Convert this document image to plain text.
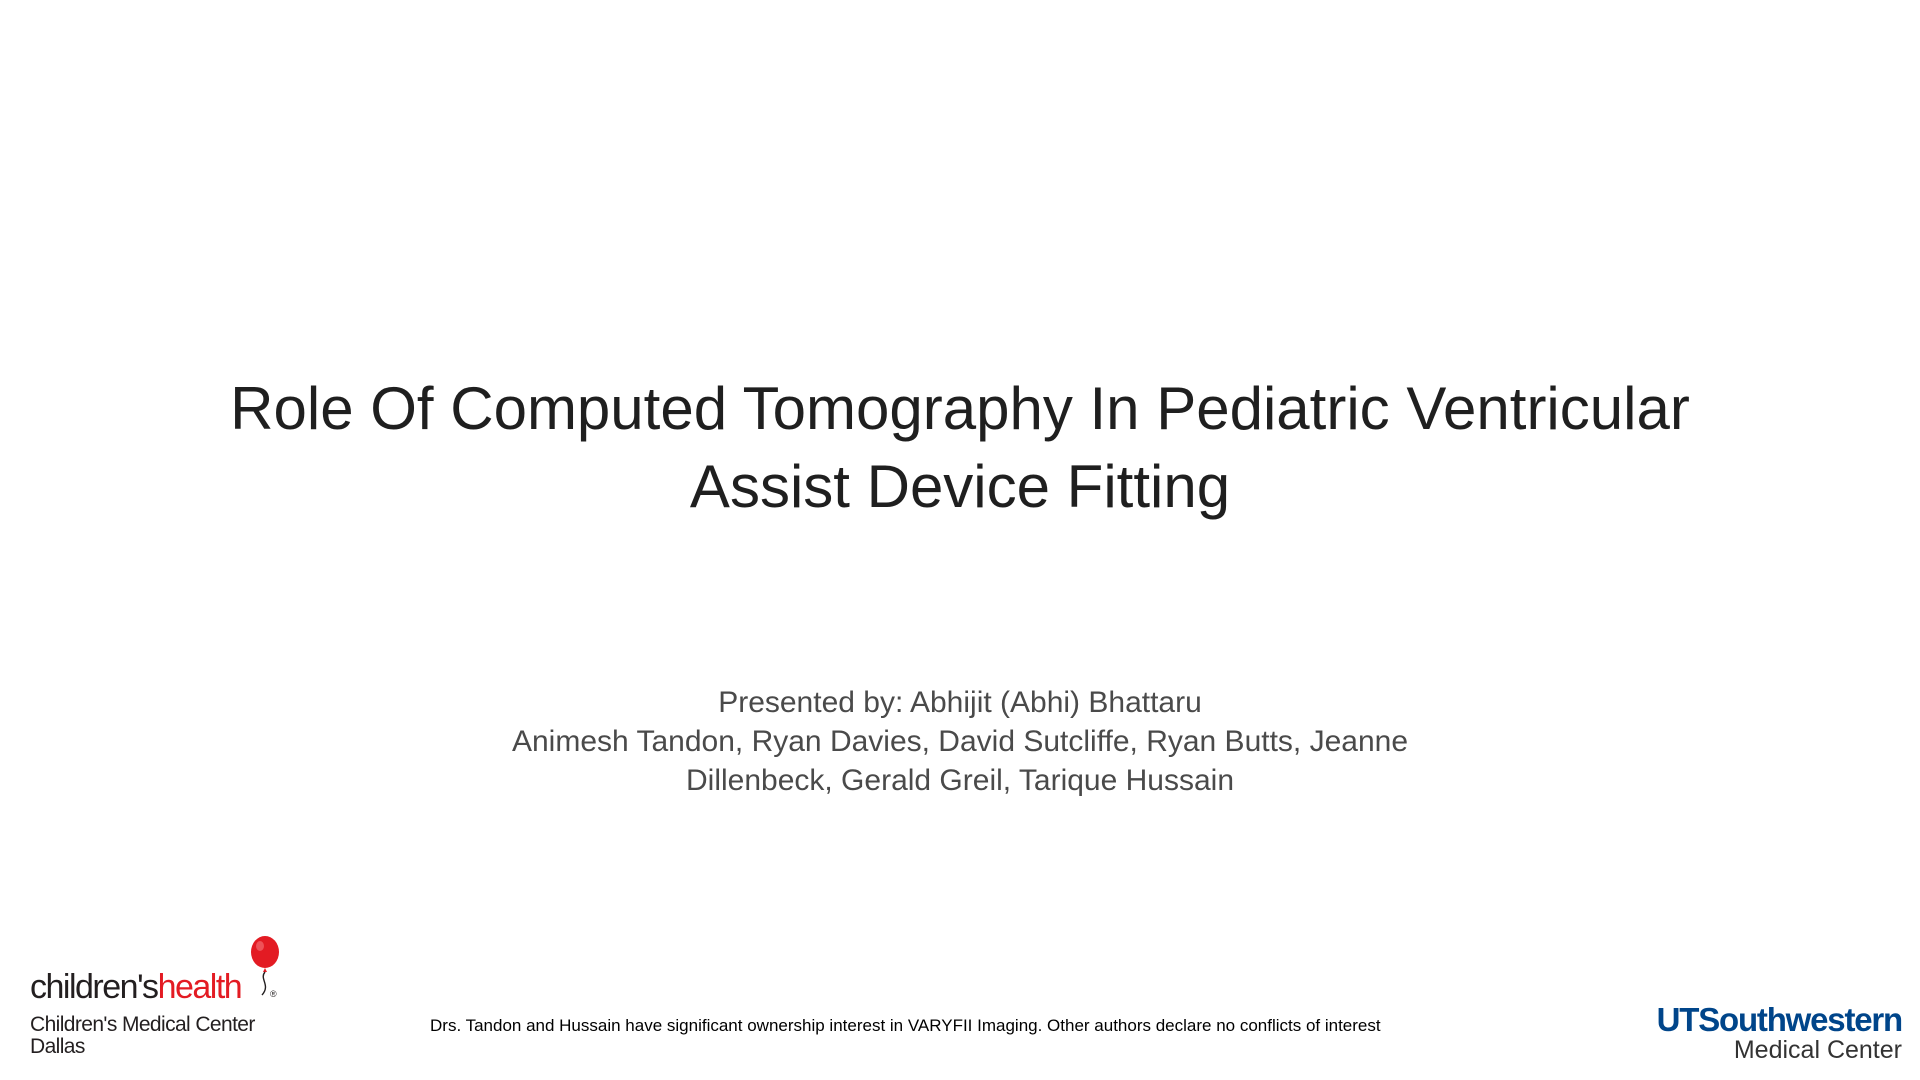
Role Of Computed Tomography In Pediatric Ventricular
Assist Device Fitting
Presented by: Abhijit (Abhi) Bhattaru
Animesh Tandon, Ryan Davies, David Sutcliffe, Ryan Butts, Jeanne
Dillenbeck, Gerald Greil, Tarique Hussain
children'shealth	®
Children's Medical Center
Dallas
Drs. Tandon and Hussain have significant ownership interest in VARYFII Imaging. Other authors declare no conflicts of interest	UTSouthwestern
Medical Center
